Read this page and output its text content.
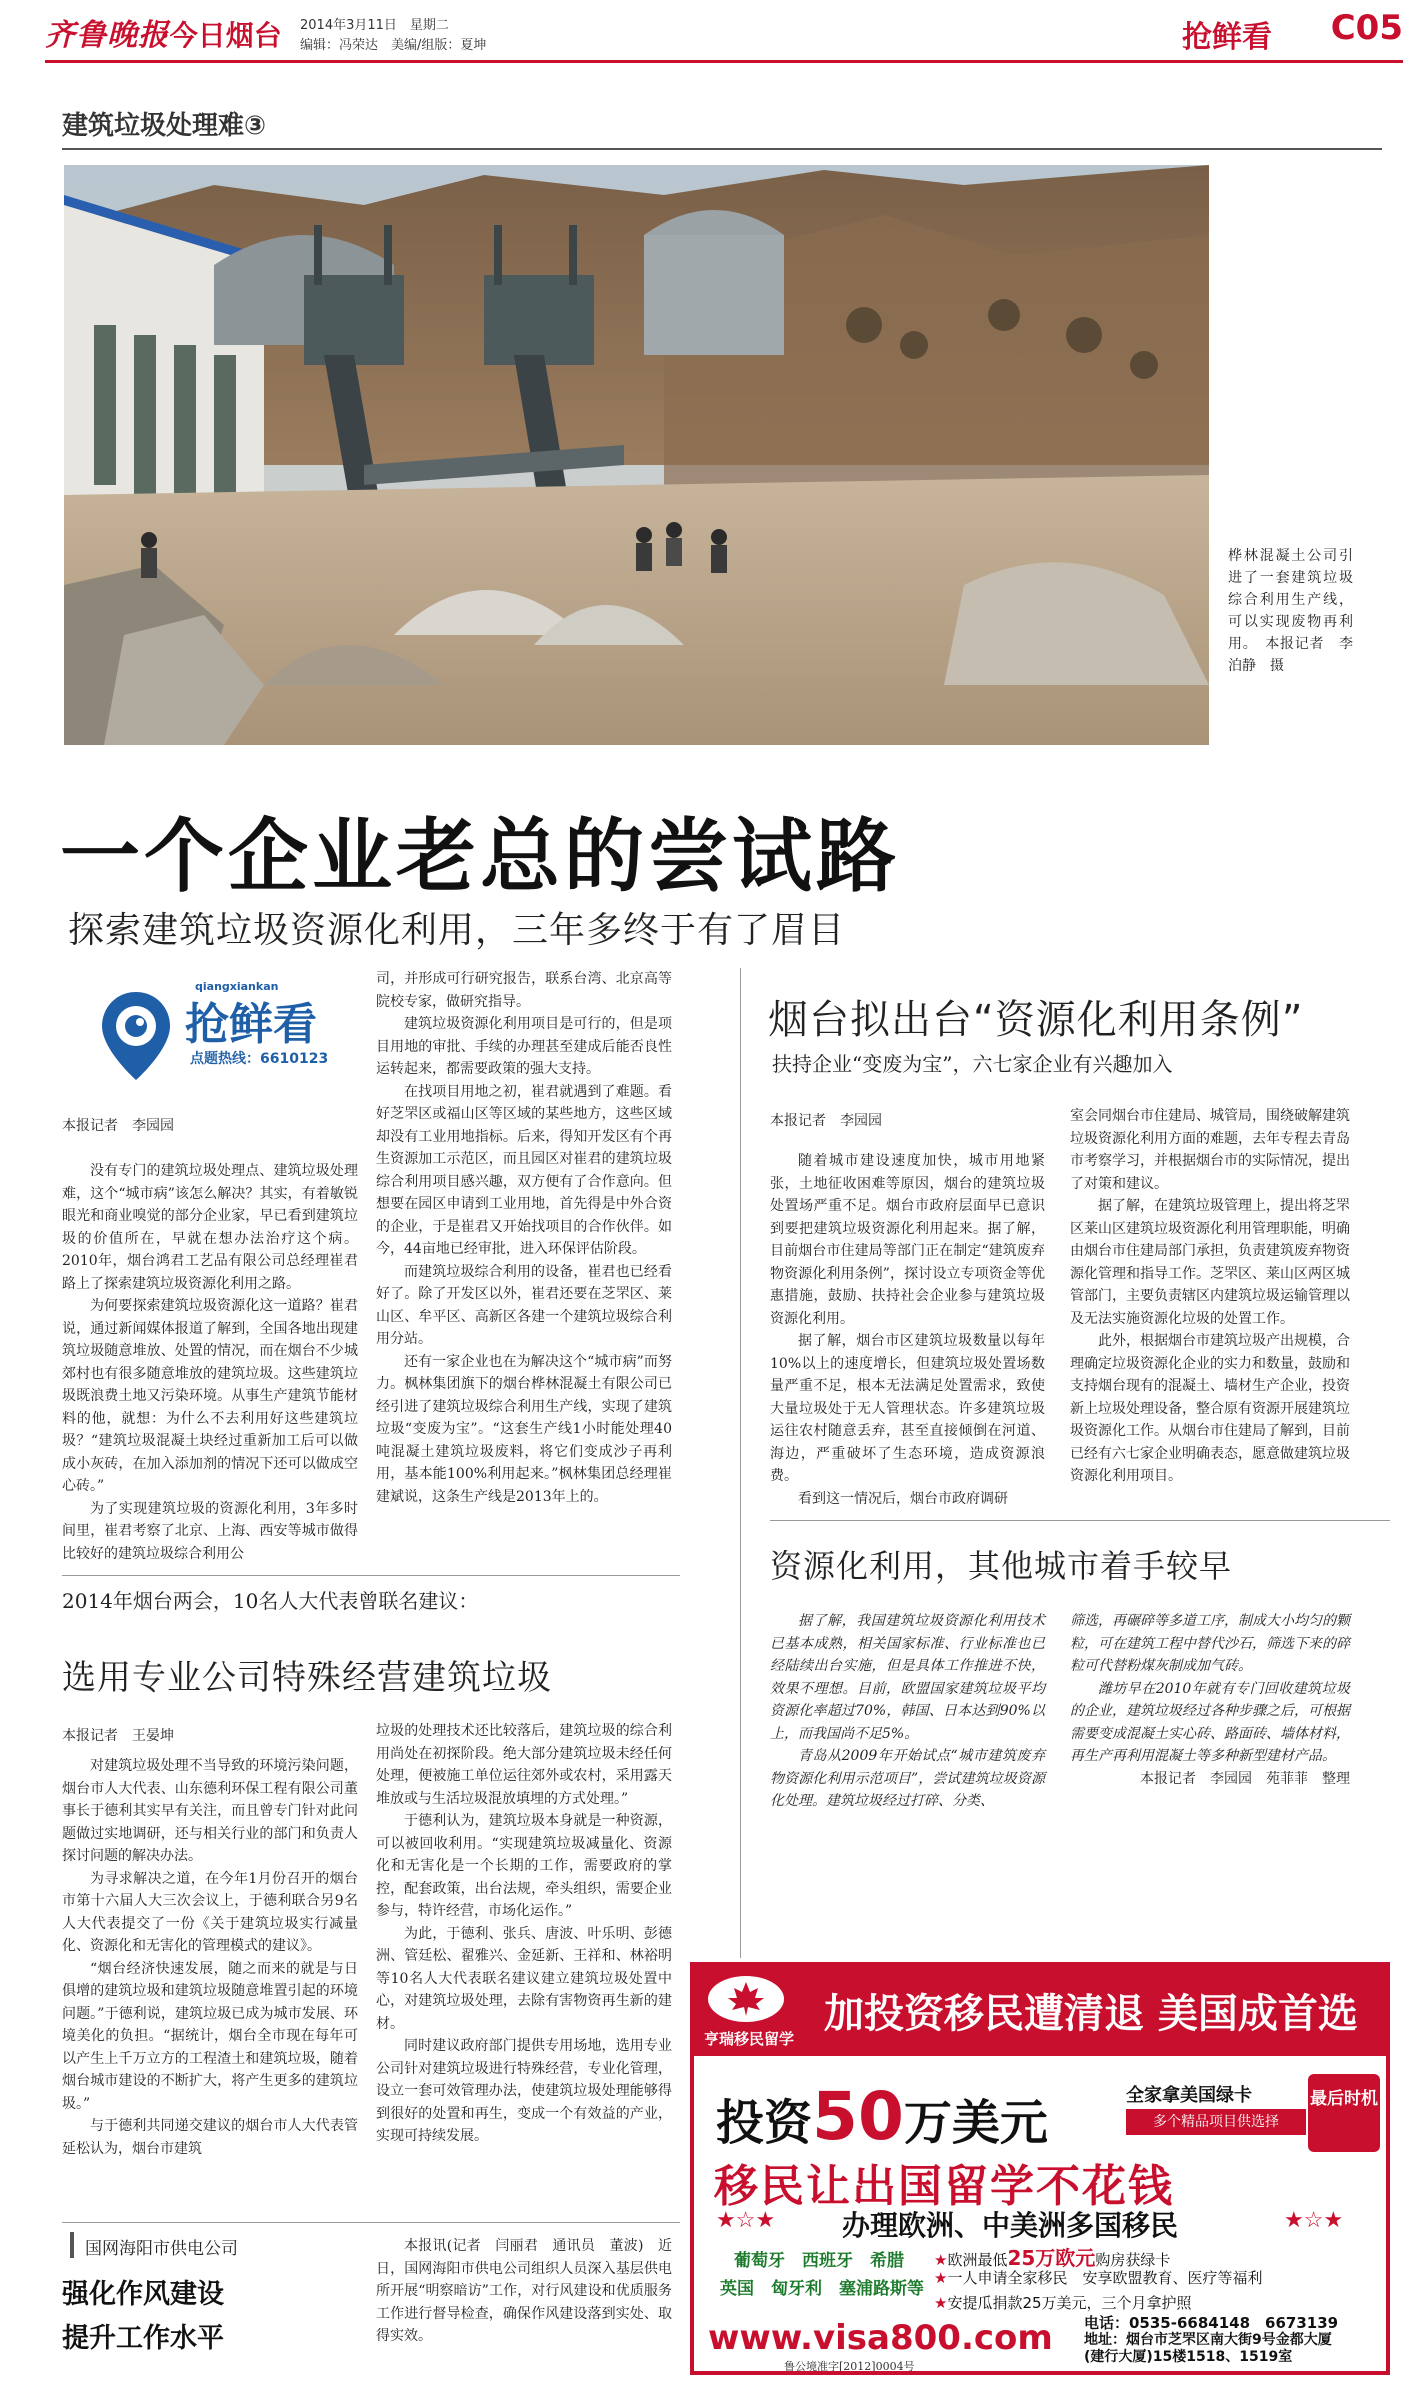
齐鲁晚报
·今日烟台 2014年3月11日　星期二
编辑：冯荣达　美编/组版：夏坤	抢鲜看 C05
建筑垃圾处理难③
桦林混凝土公司引进了一套建筑垃圾综合利用生产线，可以实现废物再利用。　本报记者　李泊静　摄
一个企业老总的尝试路
探索建筑垃圾资源化利用，三年多终于有了眉目
qiangxiankan
抢鲜看
点题热线：6610123
本报记者　李园园

没有专门的建筑垃圾处理点、建筑垃圾处理难，这个“城市病”该怎么解决？其实，有着敏锐眼光和商业嗅觉的部分企业家，早已看到建筑垃圾的价值所在，早就在想办法治疗这个病。2010年，烟台鸿君工艺品有限公司总经理崔君路上了探索建筑垃圾资源化利用之路。

为何要探索建筑垃圾资源化这一道路？崔君说，通过新闻媒体报道了解到，全国各地出现建筑垃圾随意堆放、处置的情况，而在烟台不少城郊村也有很多随意堆放的建筑垃圾。这些建筑垃圾既浪费土地又污染环境。从事生产建筑节能材料的他，就想：为什么不去利用好这些建筑垃圾？“建筑垃圾混凝土块经过重新加工后可以做成小灰砖，在加入添加剂的情况下还可以做成空心砖。”

为了实现建筑垃圾的资源化利用，3年多时间里，崔君考察了北京、上海、西安等城市做得比较好的建筑垃圾综合利用公

司，并形成可行研究报告，联系台湾、北京高等院校专家，做研究指导。

建筑垃圾资源化利用项目是可行的，但是项目用地的审批、手续的办理甚至建成后能否良性运转起来，都需要政策的强大支持。

在找项目用地之初，崔君就遇到了难题。看好芝罘区或福山区等区域的某些地方，这些区域却没有工业用地指标。后来，得知开发区有个再生资源加工示范区，而且园区对崔君的建筑垃圾综合利用项目感兴趣，双方便有了合作意向。但想要在园区申请到工业用地，首先得是中外合资的企业，于是崔君又开始找项目的合作伙伴。如今，44亩地已经审批，进入环保评估阶段。

而建筑垃圾综合利用的设备，崔君也已经看好了。除了开发区以外，崔君还要在芝罘区、莱山区、牟平区、高新区各建一个建筑垃圾综合利用分站。

还有一家企业也在为解决这个“城市病”而努力。枫林集团旗下的烟台桦林混凝土有限公司已经引进了建筑垃圾综合利用生产线，实现了建筑垃圾“变废为宝”。“这套生产线1小时能处理40吨混凝土建筑垃圾废料，将它们变成沙子再利用，基本能100%利用起来。”枫林集团总经理崔建斌说，这条生产线是2013年上的。

烟台拟出台“资源化利用条例”
扶持企业“变废为宝”，六七家企业有兴趣加入
本报记者　李园园

随着城市建设速度加快，城市用地紧张，土地征收困难等原因，烟台的建筑垃圾处置场严重不足。烟台市政府层面早已意识到要把建筑垃圾资源化利用起来。据了解，目前烟台市住建局等部门正在制定“建筑废弃物资源化利用条例”，探讨设立专项资金等优惠措施，鼓励、扶持社会企业参与建筑垃圾资源化利用。

据了解，烟台市区建筑垃圾数量以每年10%以上的速度增长，但建筑垃圾处置场数量严重不足，根本无法满足处置需求，致使大量垃圾处于无人管理状态。许多建筑垃圾运往农村随意丢弃，甚至直接倾倒在河道、海边，严重破坏了生态环境，造成资源浪费。

看到这一情况后，烟台市政府调研

室会同烟台市住建局、城管局，围绕破解建筑垃圾资源化利用方面的难题，去年专程去青岛市考察学习，并根据烟台市的实际情况，提出了对策和建议。

据了解，在建筑垃圾管理上，提出将芝罘区莱山区建筑垃圾资源化利用管理职能，明确由烟台市住建局部门承担，负责建筑废弃物资源化管理和指导工作。芝罘区、莱山区两区城管部门，主要负责辖区内建筑垃圾运输管理以及无法实施资源化垃圾的处置工作。

此外，根据烟台市建筑垃圾产出规模，合理确定垃圾资源化企业的实力和数量，鼓励和支持烟台现有的混凝土、墙材生产企业，投资新上垃圾处理设备，整合原有资源开展建筑垃圾资源化工作。从烟台市住建局了解到，目前已经有六七家企业明确表态，愿意做建筑垃圾资源化利用项目。

资源化利用，其他城市着手较早

据了解，我国建筑垃圾资源化利用技术已基本成熟，相关国家标准、行业标准也已经陆续出台实施，但是具体工作推进不快，效果不理想。目前，欧盟国家建筑垃圾平均资源化率超过70%，韩国、日本达到90%以上，而我国尚不足5%。

青岛从2009年开始试点“城市建筑废弃物资源化利用示范项目”，尝试建筑垃圾资源化处理。建筑垃圾经过打碎、分类、

筛选，再碾碎等多道工序，制成大小均匀的颗粒，可在建筑工程中替代沙石，筛选下来的碎粒可代替粉煤灰制成加气砖。

潍坊早在2010年就有专门回收建筑垃圾的企业，建筑垃圾经过各种步骤之后，可根据需要变成混凝土实心砖、路面砖、墙体材料，再生产再利用混凝土等多种新型建材产品。

本报记者　李园园　苑菲菲　整理

2014年烟台两会，10名人大代表曾联名建议：
选用专业公司特殊经营建筑垃圾
本报记者　王晏坤

对建筑垃圾处理不当导致的环境污染问题，烟台市人大代表、山东德利环保工程有限公司董事长于德利其实早有关注，而且曾专门针对此问题做过实地调研，还与相关行业的部门和负责人探讨问题的解决办法。

为寻求解决之道，在今年1月份召开的烟台市第十六届人大三次会议上，于德利联合另9名人大代表提交了一份《关于建筑垃圾实行减量化、资源化和无害化的管理模式的建议》。

“烟台经济快速发展，随之而来的就是与日俱增的建筑垃圾和建筑垃圾随意堆置引起的环境问题。”于德利说，建筑垃圾已成为城市发展、环境美化的负担。“据统计，烟台全市现在每年可以产生上千万立方的工程渣土和建筑垃圾，随着烟台城市建设的不断扩大，将产生更多的建筑垃圾。”

与于德利共同递交建议的烟台市人大代表管延松认为，烟台市建筑

垃圾的处理技术还比较落后，建筑垃圾的综合利用尚处在初探阶段。绝大部分建筑垃圾未经任何处理，便被施工单位运往郊外或农村，采用露天堆放或与生活垃圾混放填埋的方式处理。”

于德利认为，建筑垃圾本身就是一种资源，可以被回收利用。“实现建筑垃圾减量化、资源化和无害化是一个长期的工作，需要政府的掌控，配套政策，出台法规，牵头组织，需要企业参与，特许经营，市场化运作。”

为此，于德利、张兵、唐波、叶乐明、彭德洲、管廷松、翟雅兴、金延新、王祥和、林裕明等10名人大代表联名建议建立建筑垃圾处置中心，对建筑垃圾处理，去除有害物资再生新的建材。

同时建议政府部门提供专用场地，选用专业公司针对建筑垃圾进行特殊经营，专业化管理，设立一套可效管理办法，使建筑垃圾处理能够得到很好的处置和再生，变成一个有效益的产业，实现可持续发展。

国网海阳市供电公司
强化作风建设
提升工作水平

本报讯(记者　闫丽君　通讯员　董波)　近日，国网海阳市供电公司组织人员深入基层供电所开展“明察暗访”工作，对行风建设和优质服务工作进行督导检查，确保作风建设落到实处、取得实效。

亨瑞移民留学
加投资移民遭清退 美国成首选
投资50万美元	全家拿美国绿卡
多个精品项目供选择
最后时机
移民让出国留学不花钱
★☆★ 办理欧洲、中美洲多国移民	★☆★
葡萄牙　西班牙　希腊
英国　匈牙利　塞浦路斯等
★欧洲最低25万欧元购房获绿卡
★一人申请全家移民　安享欧盟教育、医疗等福利
www.visa800.com
鲁公境准字[2012]0004号
电话：0535-6684148　6673139
地址：烟台市芝罘区南大街9号金都大厦
(建行大厦)15楼1518、1519室
★安提瓜捐款25万美元，三个月拿护照
